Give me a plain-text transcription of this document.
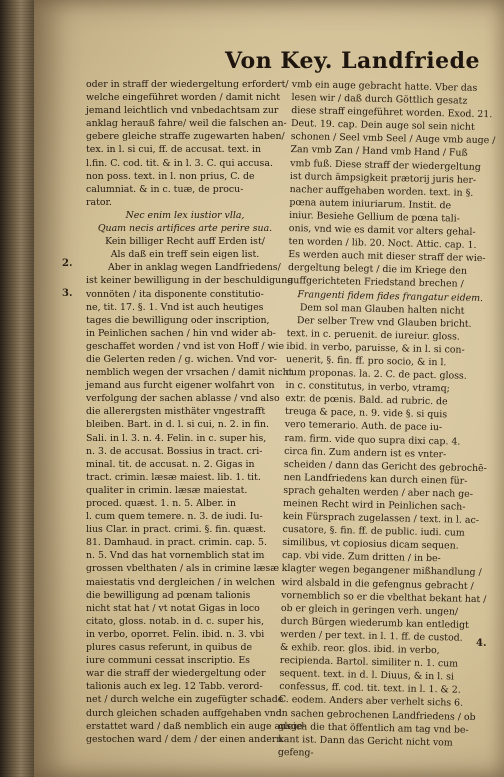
Von Key. Landfriede
2.
3.
4.
oder in straff der wiedergeltung erfordert/
welche eingeführet worden / damit nicht
jemand leichtlich vnd vnbedachtsam zur
anklag herauß fahre/ weil die falschen an-
gebere gleiche straffe zugewarten haben/
tex. in l. si cui, ff. de accusat. text. in
l.fin. C. cod. tit. & in l. 3. C. qui accusa.
non poss. text. in l. non prius, C. de
calumniat. & in c. tuæ, de procu-
rator.
Nec enim lex iustior vlla,
Quam necis artifices arte perire sua.
Kein billiger Recht auff Erden ist/
Als daß ein treff sein eigen list.
Aber in anklag wegen Landfriedens/
ist keiner bewilligung in der beschuldigung
vonnöten / ita disponente constitutio-
ne, tit. 17. §. 1. Vnd ist auch heutiges
tages die bewilligung oder inscription,
in Peinlichen sachen / hin vnd wider ab-
geschaffet worden / vnd ist von Hoff / wie
die Gelerten reden / g. wichen. Vnd vor-
nemblich wegen der vrsachen / damit nicht
jemand aus furcht eigener wolfahrt von
verfolgung der sachen ablasse / vnd also
die allerergsten misthäter vngestrafft
bleiben. Bart. in d. l. si cui, n. 2. in fin.
Sali. in l. 3. n. 4. Felin. in c. super his,
n. 3. de accusat. Bossius in tract. cri-
minal. tit. de accusat. n. 2. Gigas in
tract. crimin. læsæ maiest. lib. 1. tit.
qualiter in crimin. læsæ maiestat.
proced. quæst. 1. n. 5. Alber. in
l. cum quem temere. n. 3. de iudi. Iu-
lius Clar. in pract. crimi. §. fin. quæst.
81. Damhaud. in pract. crimin. cap. 5.
n. 5. Vnd das hat vornemblich stat im
grossen vbelthaten / als in crimine læsæ
maiestatis vnd dergleichen / in welchen
die bewilligung ad pœnam talionis
nicht stat hat / vt notat Gigas in loco
citato, gloss. notab. in d. c. super his,
in verbo, oporret. Felin. ibid. n. 3. vbi
plures casus referunt, in quibus de
iure communi cessat inscriptio. Es
war die straff der wiedergeltung oder
talionis auch ex leg. 12 Tabb. verord-
net / durch welche ein zugefügter schade
durch gleichen schaden auffgehaben vnd
erstattet ward / daß nemblich ein auge ausge-
gestochen ward / dem / der einen andern
vmb ein auge gebracht hatte. Vber das
lesen wir / daß durch Göttlich gesatz
diese straff eingeführet worden. Exod. 21.
Deut. 19. cap. Dein auge sol sein nicht
schonen / Seel vmb Seel / Auge vmb auge /
Zan vmb Zan / Hand vmb Hand / Fuß
vmb fuß. Diese straff der wiedergeltung
ist durch ämpsigkeit prætorij juris her-
nacher auffgehaben worden. text. in §.
pœna autem iniuriarum. Instit. de
iniur. Besiehe Gellium de pœna tali-
onis, vnd wie es damit vor alters gehal-
ten worden / lib. 20. Noct. Attic. cap. 1.
Es werden auch mit dieser straff der wie-
dergeltung belegt / die im Kriege den
auffgerichteten Friedstand brechen /
Frangenti fidem fides frangatur eidem.
Dem sol man Glauben halten nicht
Der selber Trew vnd Glauben bricht.
text. in c. peruenit. de iureiur. gloss.
ibid. in verbo, paruisse, & in l. si con-
uenerit, §. fin. ff. pro socio, & in l.
cum proponas. la. 2. C. de pact. gloss.
in c. constitutus, in verbo, vtramq;
extr. de pœnis. Bald. ad rubric. de
treuga & pace, n. 9. vide §. si quis
vero temerario. Auth. de pace iu-
ram. firm. vide quo supra dixi cap. 4.
circa fin. Zum andern ist es vnter-
scheiden / dann das Gericht des gebrochē-
nen Landfriedens kan durch einen für-
sprach gehalten werden / aber nach ge-
meinen Recht wird in Peinlichen sach-
kein Fürsprach zugelassen / text. in l. ac-
cusatore, §. fin. ff. de public. iudi. cum
similibus, vt copiosius dicam sequen.
cap. vbi vide. Zum dritten / in be-
klagter wegen begangener mißhandlung /
wird alsbald in die gefengnus gebracht /
vornemblich so er die vbelthat bekant hat /
ob er gleich in geringen verh. ungen/
durch Bürgen wiederumb kan entledigt
werden / per text. in l. 1. ff. de custod.
& exhib. reor. glos. ibid. in verbo,
recipienda. Bartol. similiter n. 1. cum
sequent. text. in d. l. Diuus, & in l. si
confessus, ff. cod. tit. text. in l. 1. & 2.
C. eodem. Anders aber verhelt sichs 6.
in sachen gebrochenen Landfriedens / ob
gleich die that öffentlich am tag vnd be-
kant ist. Dann das Gericht nicht vom
gefeng-
